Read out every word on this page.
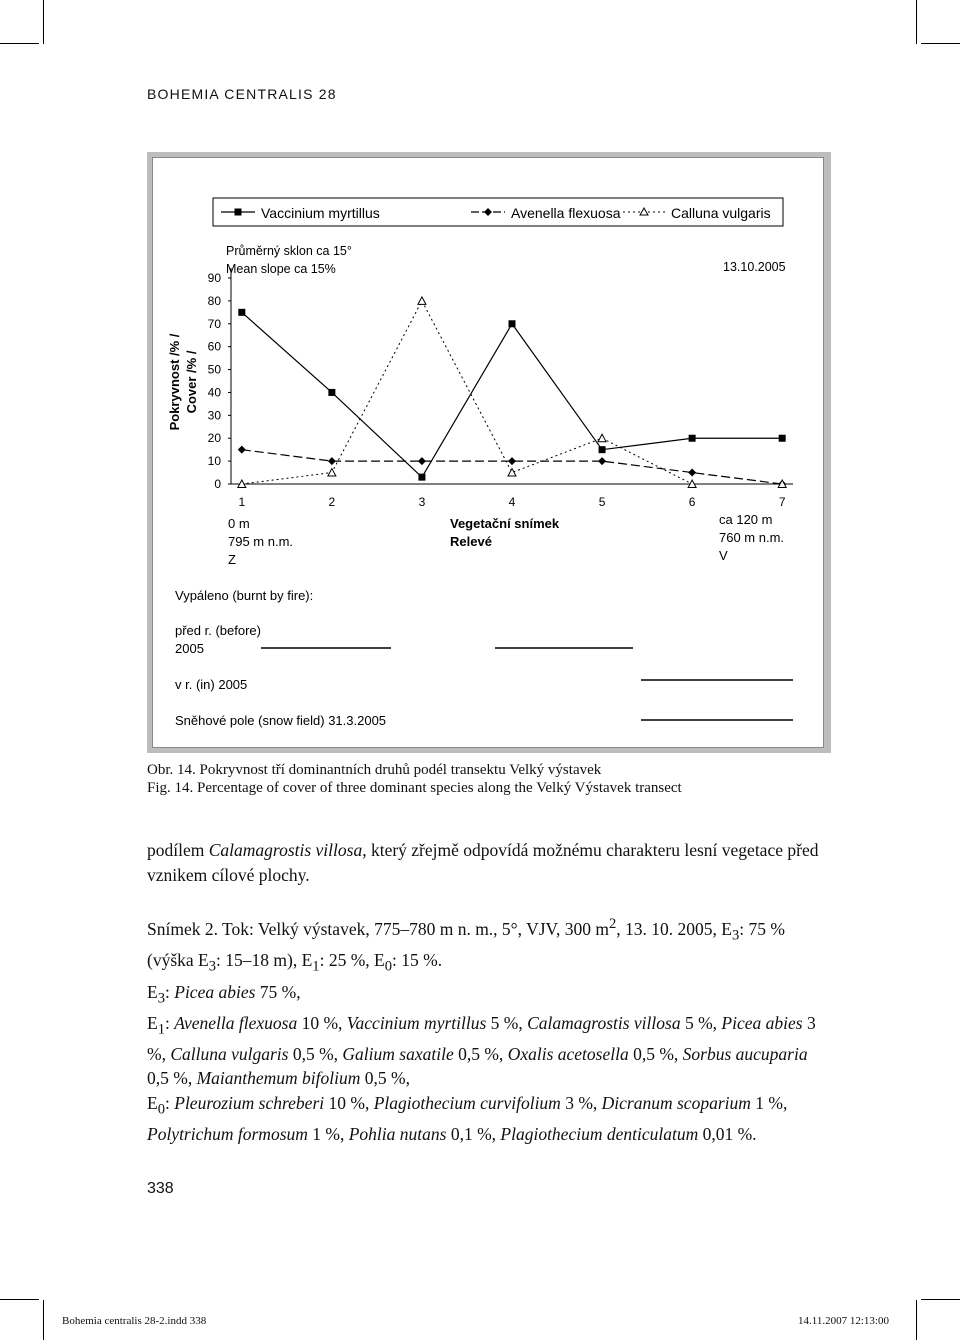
BOHEMIA CENTRALIS 28
Vaccinium myrtillus	Avenella flexuosa	Calluna vulgaris
Průměrný sklon ca 15°
Mean slope ca 15%	13.10.2005
Pokryvnost /% / Cover /% /
0
10
20
30
40
50
60
70
80
90
1	2	3	4	5	6	7
0 m
795 m n.m.
Z
ca 120 m
760 m n.m.
V
Vegetační snímek
Relevé
Vypáleno (burnt by fire):
před r. (before)
2005
v r. (in) 2005
Sněhové pole (snow field) 31.3.2005
Obr. 14. Pokryvnost tří dominantních druhů podél transektu Velký výstavek
Fig. 14. Percentage of cover of three dominant species along the Velký Výstavek transect

podílem Calamagrostis villosa, který zřejmě odpovídá možnému charakteru lesní vegetace před vznikem cílové plochy.

Snímek 2. Tok: Velký výstavek, 775–780 m n. m., 5°, VJV, 300 $m^2$, 13. 10. 2005, $E_3$: 75 % (výška $E_3$: 15–18 m), $E_1$: 25 %, $E_0$: 15 %.

$E_3$: Picea abies 75 %,

$E_1$: Avenella flexuosa 10 %, Vaccinium myrtillus 5 %, Calamagrostis villosa 5 %, Picea abies 3 %, Calluna vulgaris 0,5 %, Galium saxatile 0,5 %, Oxalis acetosella 0,5 %, Sorbus aucuparia 0,5 %, Maianthemum bifolium 0,5 %,

$E_0$: Pleurozium schreberi 10 %, Plagiothecium curvifolium 3 %, Dicranum scoparium 1 %, Polytrichum formosum 1 %, Pohlia nutans 0,1 %, Plagiothecium denticulatum 0,01 %.

338
Bohemia centralis 28-2.indd 338	14.11.2007 12:13:00
